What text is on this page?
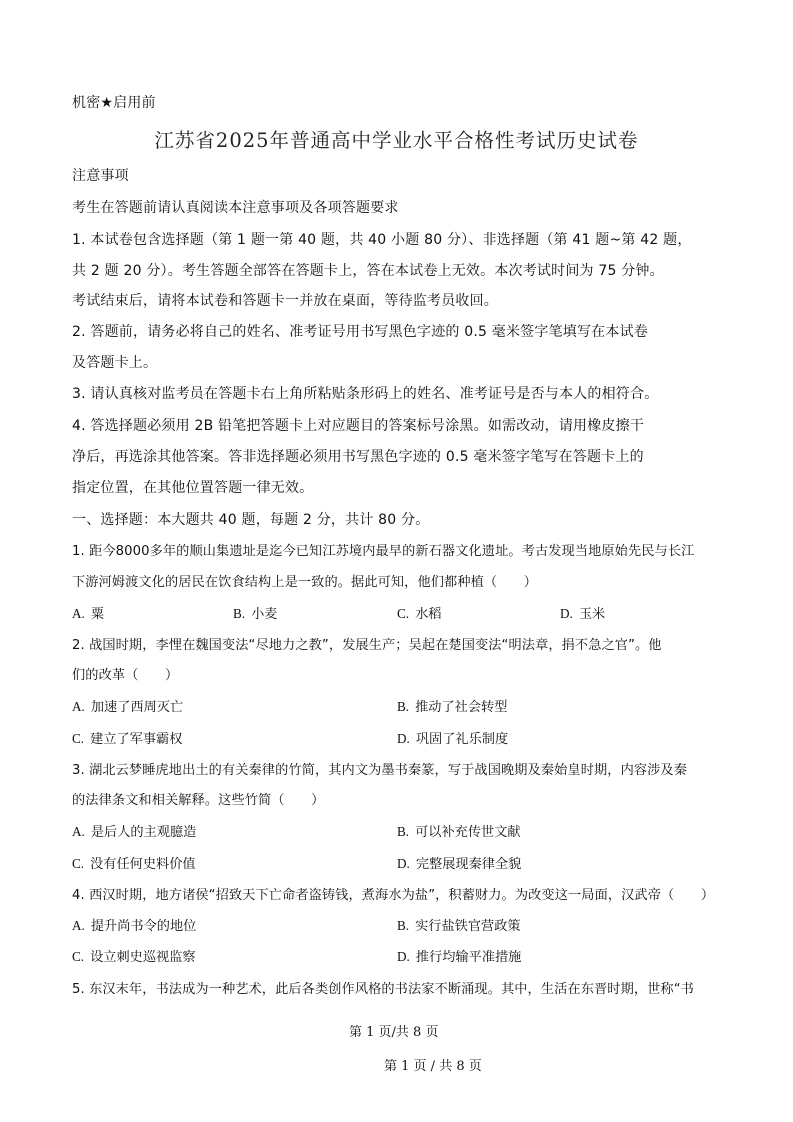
机密★启用前
江苏省2025年普通高中学业水平合格性考试历史试卷
注意事项
考生在答题前请认真阅读本注意事项及各项答题要求
1. 本试卷包含选择题（第 1 题一第 40 题，共 40 小题 80 分）、非选择题（第 41 题~第 42 题，
共 2 题 20 分）。考生答题全部答在答题卡上，答在本试卷上无效。本次考试时间为 75 分钟。
考试结束后，请将本试卷和答题卡一并放在桌面，等待监考员收回。
2. 答题前，请务必将自己的姓名、准考证号用书写黑色字迹的 0.5 毫米签字笔填写在本试卷
及答题卡上。
3. 请认真核对监考员在答题卡右上角所粘贴条形码上的姓名、准考证号是否与本人的相符合。
4. 答选择题必须用 2B 铅笔把答题卡上对应题目的答案标号涂黑。如需改动，请用橡皮擦干
净后，再选涂其他答案。答非选择题必须用书写黑色字迹的 0.5 毫米签字笔写在答题卡上的
指定位置，在其他位置答题一律无效。
一、选择题：本大题共 40 题，每题 2 分，共计 80 分。
1. 距今8000多年的顺山集遗址是迄今已知江苏境内最早的新石器文化遗址。考古发现当地原始先民与长江
下游河姆渡文化的居民在饮食结构上是一致的。据此可知，他们都种植（　　）
A. 粟	B. 小麦	C. 水稻	D. 玉米
2. 战国时期，李悝在魏国变法“尽地力之教”，发展生产；吴起在楚国变法“明法章，捐不急之官”。他
们的改革（　　）
A. 加速了西周灭亡	B. 推动了社会转型
C. 建立了军事霸权	D. 巩固了礼乐制度
3. 湖北云梦睡虎地出土的有关秦律的竹简，其内文为墨书秦篆，写于战国晚期及秦始皇时期，内容涉及秦
的法律条文和相关解释。这些竹简（　　）
A. 是后人的主观臆造	B. 可以补充传世文献
C. 没有任何史料价值	D. 完整展现秦律全貌
4. 西汉时期，地方诸侯“招致天下亡命者盗铸钱，煮海水为盐”，积蓄财力。为改变这一局面，汉武帝（　　）
A. 提升尚书令的地位	B. 实行盐铁官营政策
C. 设立刺史巡视监察	D. 推行均输平准措施
5. 东汉末年，书法成为一种艺术，此后各类创作风格的书法家不断涌现。其中，生活在东晋时期，世称“书
第 1 页/共 8 页
第 1 页 / 共 8 页
